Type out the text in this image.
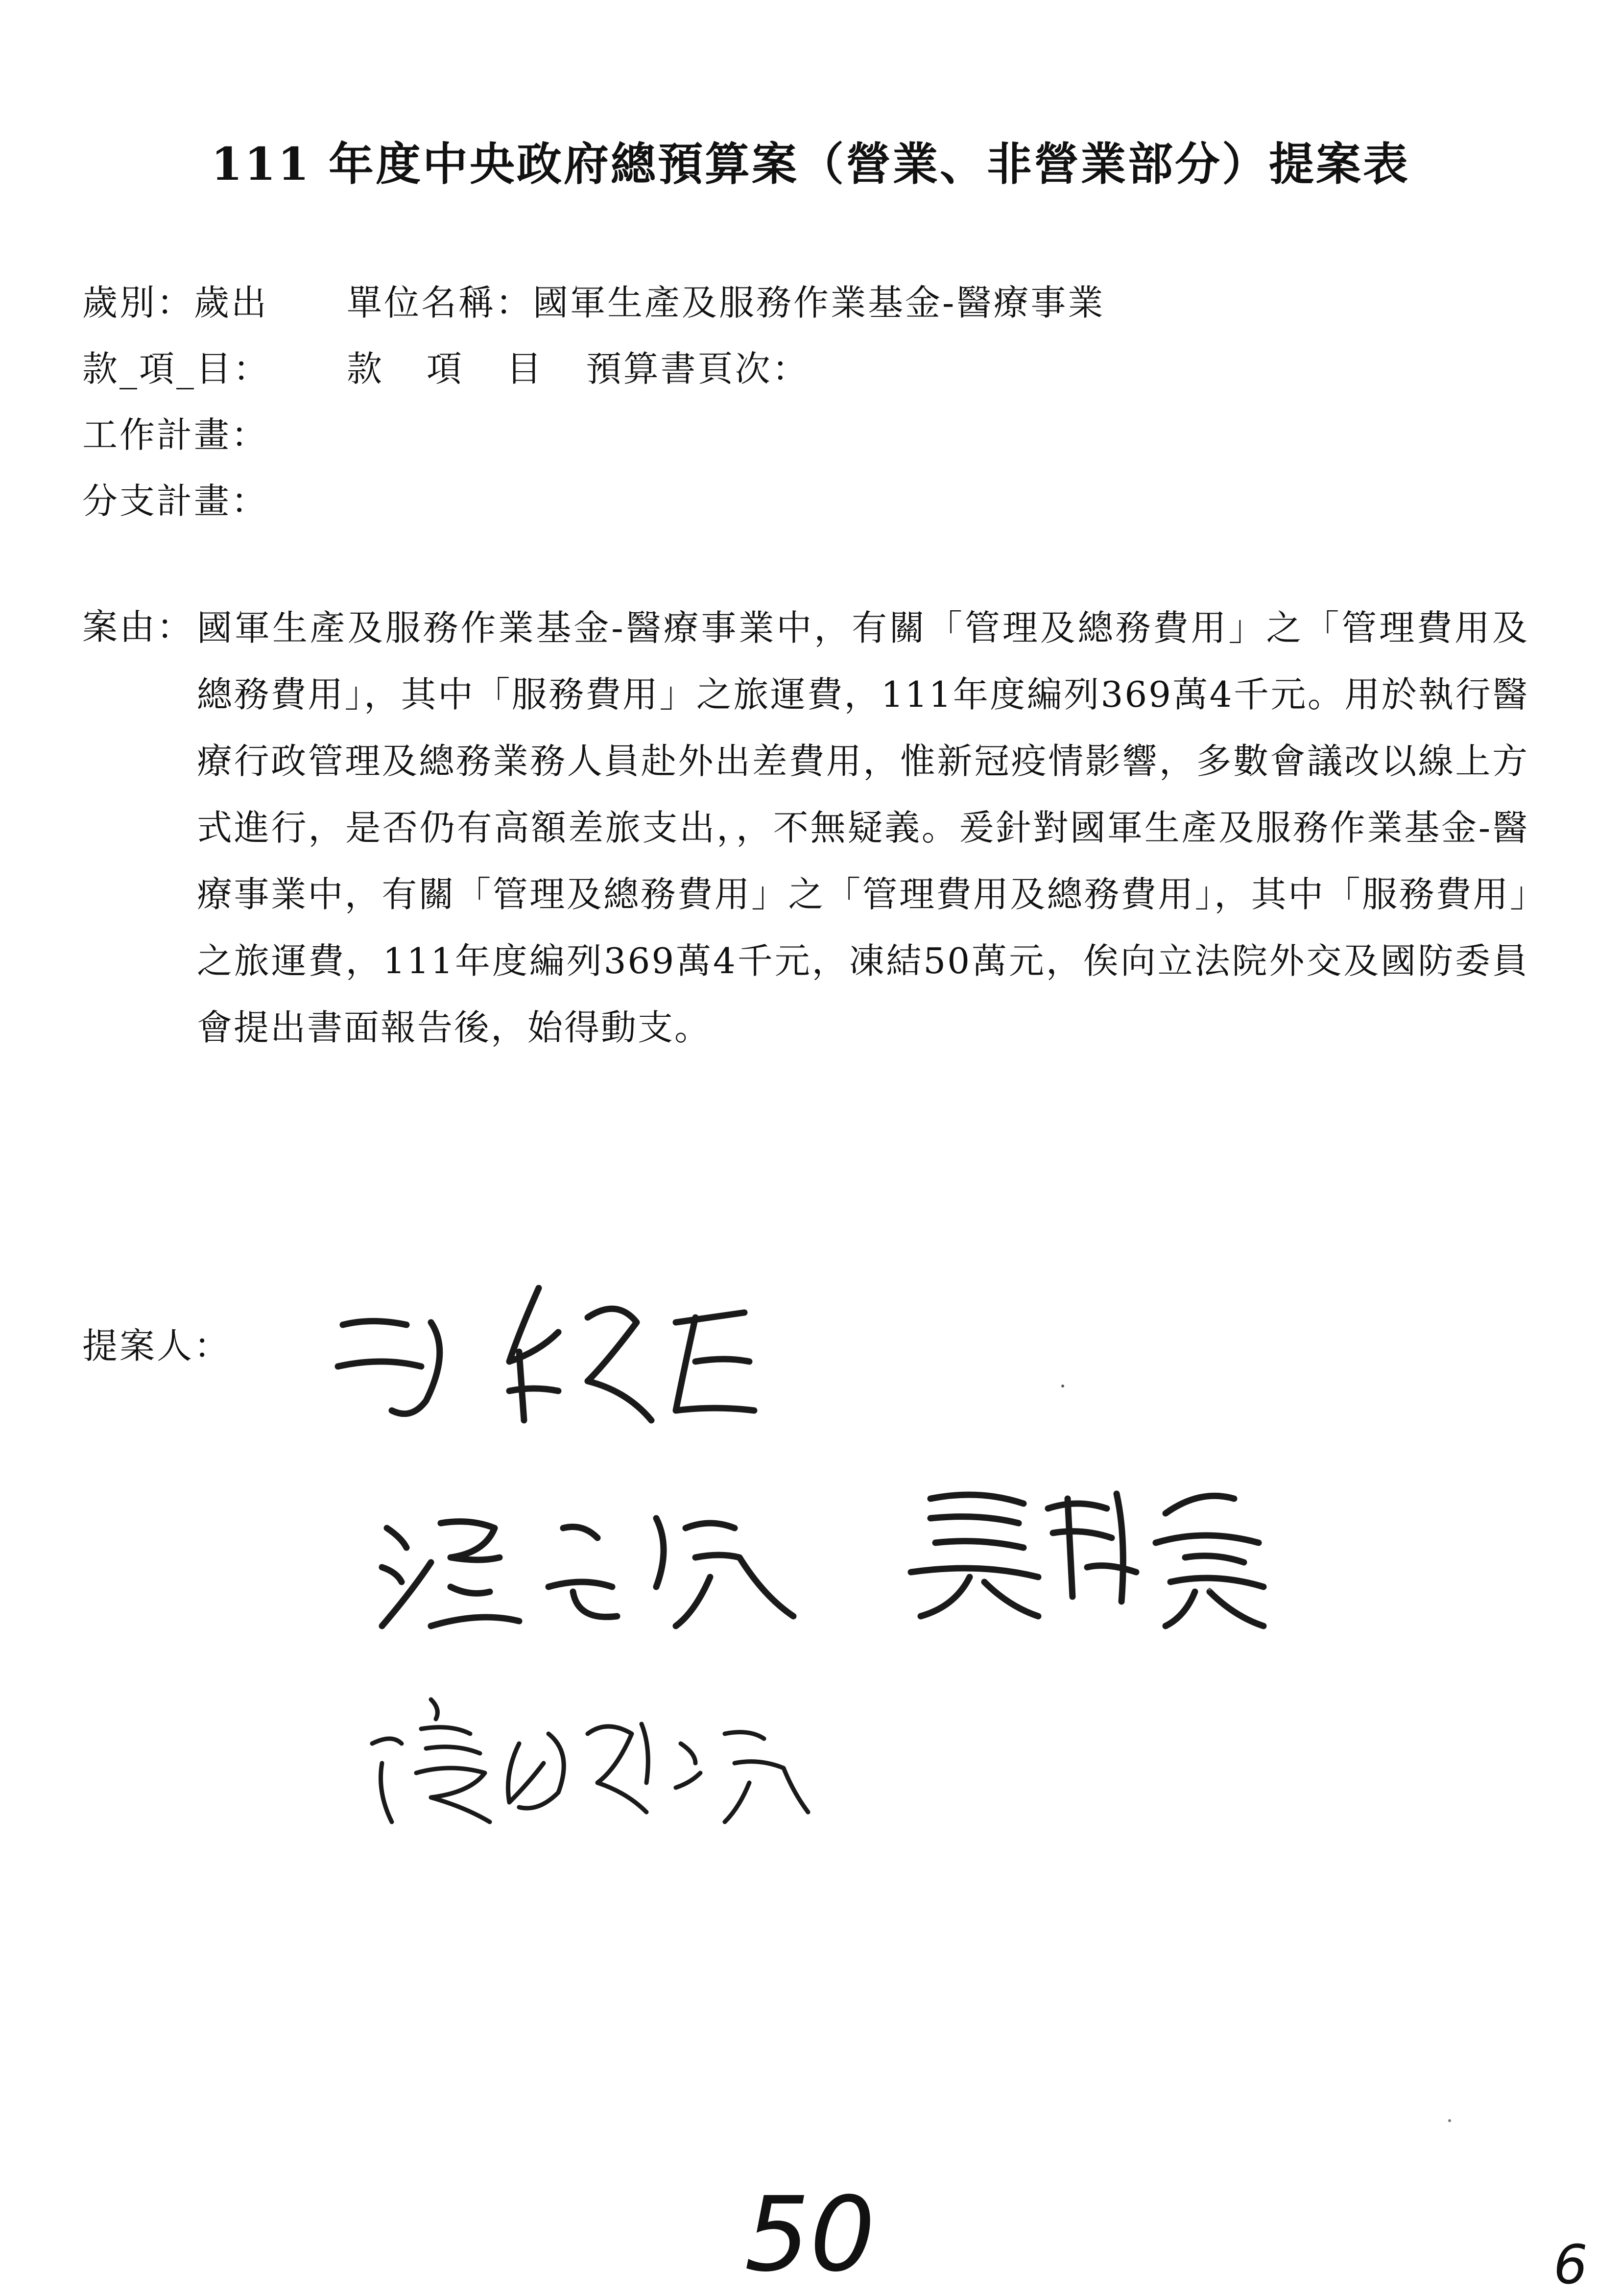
111 年度中央政府總預算案（營業、非營業部分）提案表
歲別：歲出 單位名稱：國軍生產及服務作業基金-醫療事業
款_項_目： 款 項 目 預算書頁次：
工作計畫：
分支計畫：
案由： 國軍生產及服務作業基金-醫療事業中，有關「管理及總務費用」之「管理費用及總務費用」，其中「服務費用」之旅運費，111年度編列369萬4千元。用於執行醫療行政管理及總務業務人員赴外出差費用，惟新冠疫情影響，多數會議改以線上方式進行，是否仍有高額差旅支出，，不無疑義。爰針對國軍生產及服務作業基金-醫療事業中，有關「管理及總務費用」之「管理費用及總務費用」，其中「服務費用」之旅運費，111年度編列369萬4千元，凍結50萬元，俟向立法院外交及國防委員會提出書面報告後，始得動支。
提案人：
50	6
